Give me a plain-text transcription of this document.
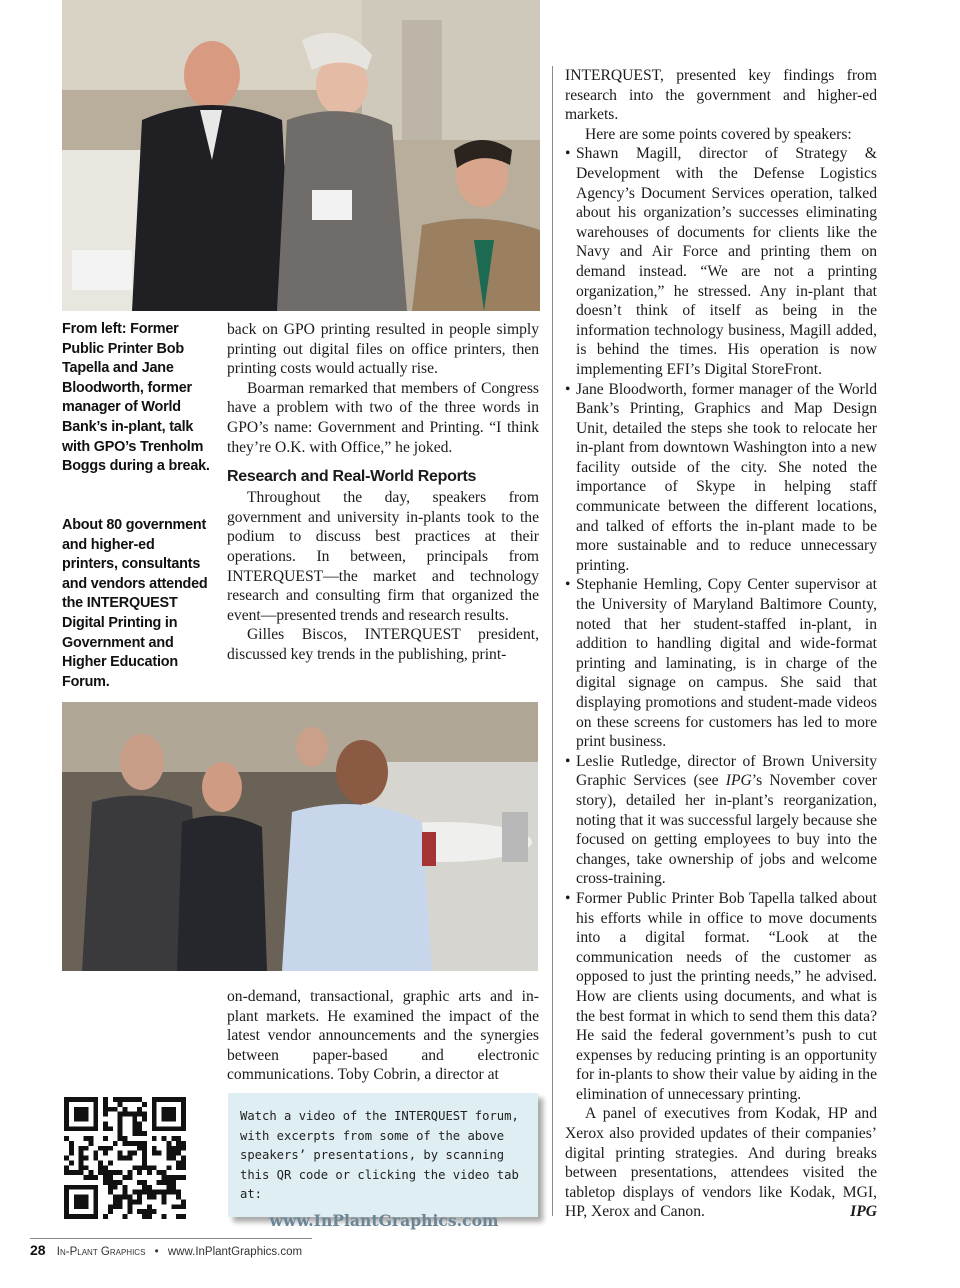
From left: Former Public Printer Bob Tapella and Jane Bloodworth, former manager of World Bank’s in-plant, talk with GPO’s Trenholm Boggs during a break.
About 80 government and higher-ed printers, consultants and vendors attended the INTERQUEST Digital Printing in Government and Higher Education Forum.

back on GPO printing resulted in people simply printing out digital files on office printers, then printing costs would actually rise.

Boarman remarked that members of Congress have a problem with two of the three words in GPO’s name: Government and Printing. “I think they’re O.K. with Office,” he joked.

Research and Real-World Reports

Throughout the day, speakers from government and university in-plants took to the podium to discuss best practices at their operations. In between, principals from INTERQUEST—the market and technology research and consulting firm that organized the event—presented trends and research results.

Gilles Biscos, INTERQUEST president, discussed key trends in the publishing, print-

on-demand, transactional, graphic arts and in-plant markets. He examined the impact of the latest vendor announcements and the synergies between paper-based and electronic communications. Toby Cobrin, a director at

INTERQUEST, presented key findings from research into the government and higher-ed markets.

Here are some points covered by speakers:

• Shawn Magill, director of Strategy & Development with the Defense Logistics Agency’s Document Services operation, talked about his organization’s successes eliminating warehouses of documents for clients like the Navy and Air Force and printing them on demand instead. “We are not a printing organization,” he stressed. Any in-plant that doesn’t think of itself as being in the information technology business, Magill added, is behind the times. His operation is now implementing EFI’s Digital StoreFront.
• Jane Bloodworth, former manager of the World Bank’s Printing, Graphics and Map Design Unit, detailed the steps she took to relocate her in-plant from downtown Washington into a new facility outside of the city. She noted the importance of Skype in helping staff communicate between the different locations, and talked of efforts the in-plant made to be more sustainable and to reduce unnecessary printing.
• Stephanie Hemling, Copy Center supervisor at the University of Maryland Baltimore County, noted that her student-staffed in-plant, in addition to handling digital and wide-format printing and laminating, is in charge of the digital signage on campus. She said that displaying promotions and student-made videos on these screens for customers has led to more print business.
• Leslie Rutledge, director of Brown University Graphic Services (see IPG’s November cover story), detailed her in-plant’s reorganization, noting that it was successful largely because she focused on getting employees to buy into the changes, take ownership of jobs and welcome cross-training.
• Former Public Printer Bob Tapella talked about his efforts while in office to move documents into a digital format. “Look at the communication needs of the customer as opposed to just the printing needs,” he advised. How are clients using documents, and what is the best format in which to send them this data? He said the federal government’s push to cut expenses by reducing printing is an opportunity for in-plants to show their value by aiding in the elimination of unnecessary printing.

A panel of executives from Kodak, HP and Xerox also provided updates of their companies’ digital printing strategies. And during breaks between presentations, attendees visited the tabletop displays of vendors like Kodak, MGI, HP, Xerox and Canon.	IPG

Watch a video of the INTERQUEST forum, with excerpts from some of the above speakers’ presentations, by scanning this QR code or clicking the video tab at:
www.InPlantGraphics.com
28 In-Plant Graphics • www.InPlantGraphics.com
